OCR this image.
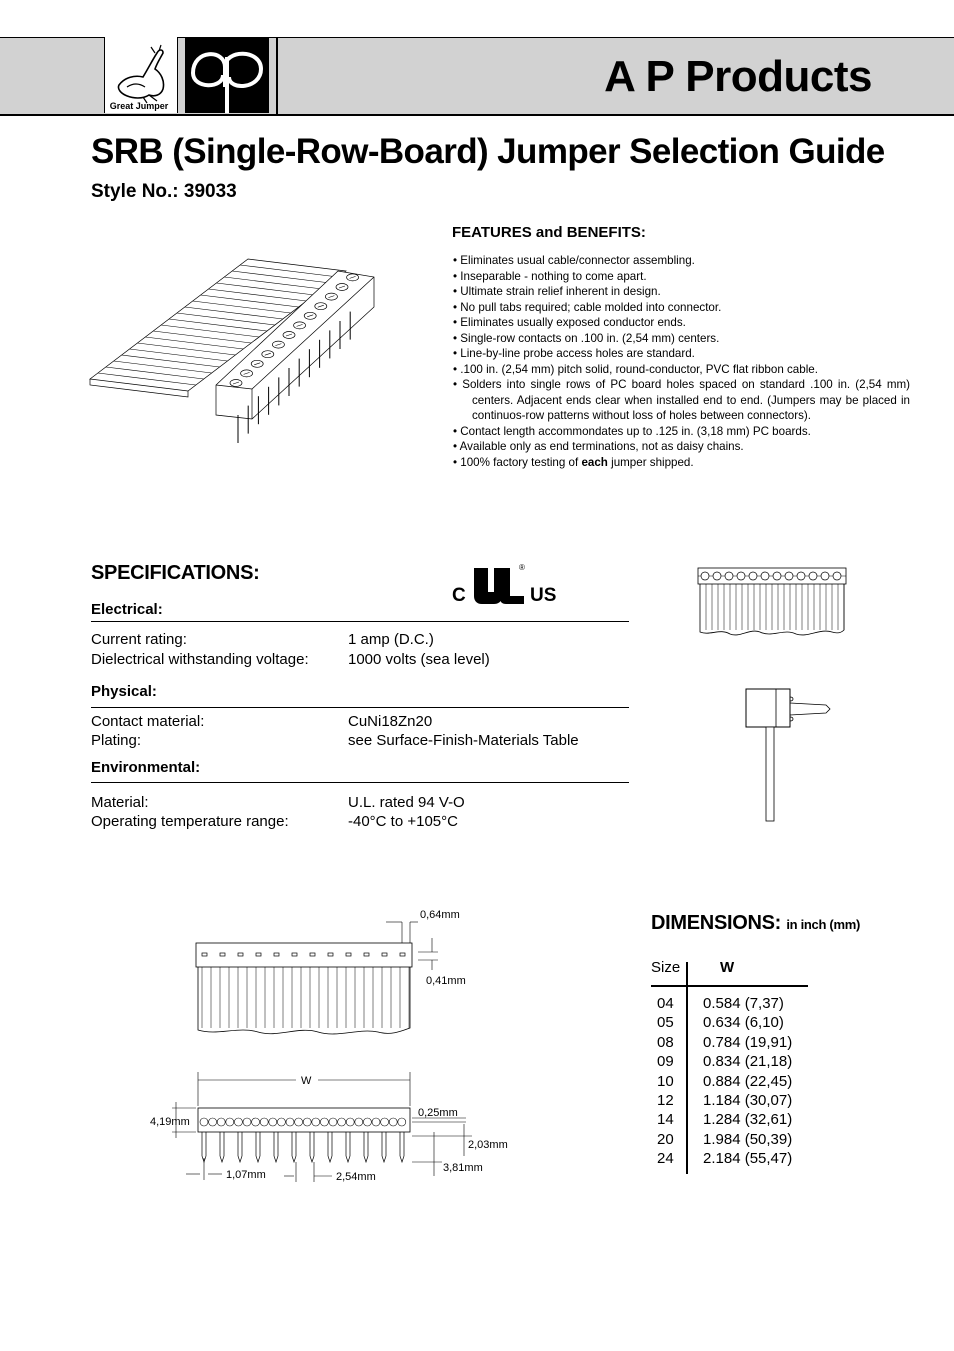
Great Jumper
A P Products
SRB (Single-Row-Board) Jumper Selection Guide
Style No.: 39033
FEATURES and BENEFITS:
• Eliminates usual cable/connector assembling.
• Inseparable - nothing to come apart.
• Ultimate strain relief inherent in design.
• No pull tabs required; cable molded into connector.
• Eliminates usually exposed conductor ends.
• Single-row contacts on .100 in. (2,54 mm) centers.
• Line-by-line probe access holes are standard.
• .100 in. (2,54 mm) pitch solid, round-conductor, PVC flat ribbon cable.
• Solders into single rows of PC board holes spaced on standard .100 in. (2,54 mm) centers. Adjacent ends clear when installed end to end. (Jumpers may be placed in continuos-row patterns without loss of holes between connectors).
• Contact length accommondates up to .125 in. (3,18 mm) PC boards.
• Available only as end terminations, not as daisy chains.
• 100% factory testing of each jumper shipped.
SPECIFICATIONS:
C	US
®
Electrical:
Current rating:	1 amp (D.C.)
Dielectrical withstanding voltage:	1000 volts (sea level)
Physical:
Contact material:	CuNi18Zn20
Plating:	see Surface-Finish-Materials Table
Environmental:
Material:	U.L. rated 94 V-O
Operating temperature range:	-40°C to +105°C
0,64mm
0,41mm
W
4,19mm
0,25mm
2,03mm
3,81mm
1,07mm	2,54mm
DIMENSIONS: in inch (mm)
Size	W
04 0.584 (7,37)
05 0.634 (6,10)
08 0.784 (19,91)
09 0.834 (21,18)
10 0.884 (22,45)
12 1.184 (30,07)
14 1.284 (32,61)
20 1.984 (50,39)
24 2.184 (55,47)
